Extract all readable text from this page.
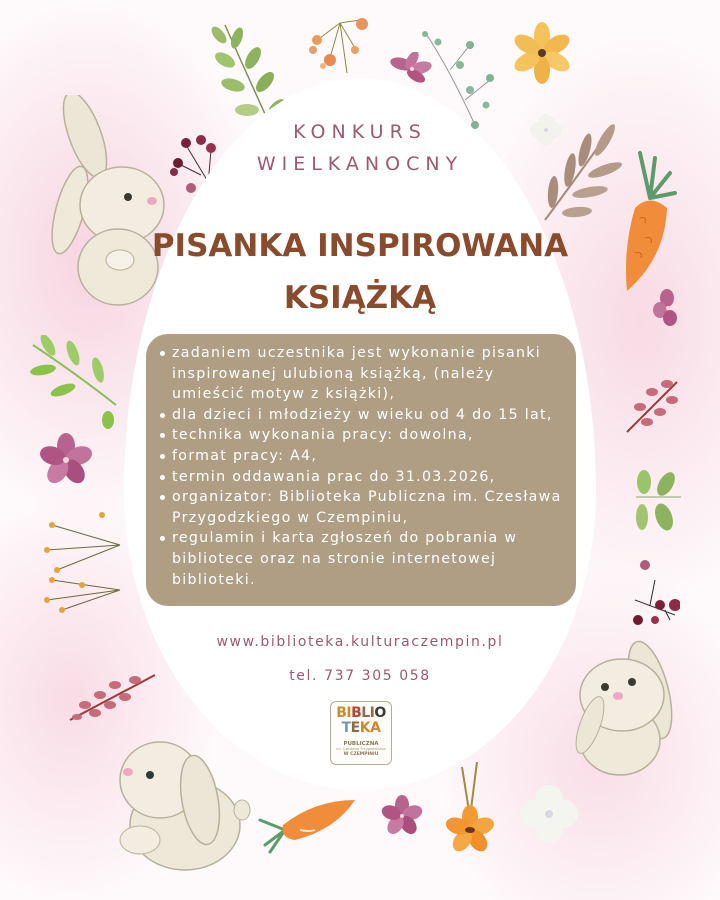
KONKURS
WIELKANOCNY
PISANKA INSPIROWANA
KSIĄŻKĄ
zadaniem uczestnika jest wykonanie pisanki inspirowanej ulubioną książką, (należy umieścić motyw z książki),
dla dzieci i młodzieży w wieku od 4 do 15 lat,
technika wykonania pracy: dowolna,
format pracy: A4,
termin oddawania prac do 31.03.2026,
organizator: Biblioteka Publiczna im. Czesława Przygodzkiego w Czempiniu,
regulamin i karta zgłoszeń do pobrania w bibliotece oraz na stronie internetowej biblioteki.
www.biblioteka.kulturaczempin.pl
tel. 737 305 058
BIBLIO
TEKA
PUBLICZNA
im. Czesława Przygodzkiego
W CZEMPINIU
